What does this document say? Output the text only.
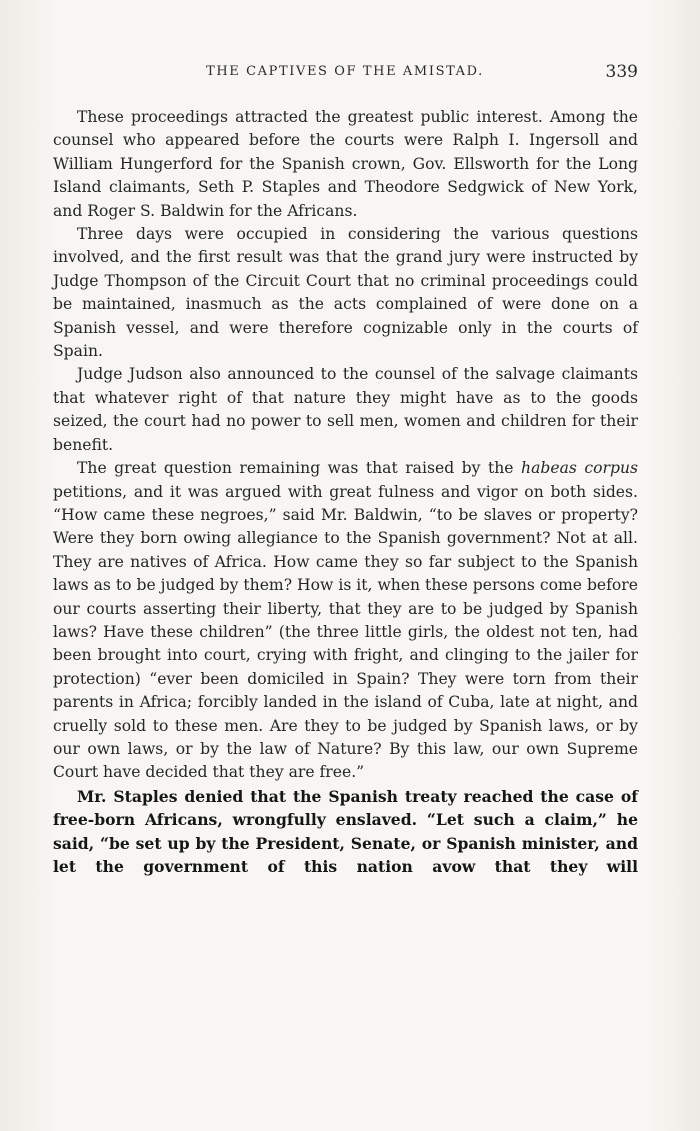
THE CAPTIVES OF THE AMISTAD.	339

These proceedings attracted the greatest public interest. Among the counsel who appeared before the courts were Ralph I. Ingersoll and William Hungerford for the Spanish crown, Gov. Ellsworth for the Long Island claimants, Seth P. Staples and Theodore Sedgwick of New York, and Roger S. Baldwin for the Africans.

Three days were occupied in considering the various questions involved, and the first result was that the grand jury were instructed by Judge Thompson of the Circuit Court that no criminal proceedings could be maintained, inasmuch as the acts complained of were done on a Spanish vessel, and were therefore cognizable only in the courts of Spain.

Judge Judson also announced to the counsel of the salvage claimants that whatever right of that nature they might have as to the goods seized, the court had no power to sell men, women and children for their benefit.

The great question remaining was that raised by the habeas corpus petitions, and it was argued with great fulness and vigor on both sides. “How came these negroes,” said Mr. Baldwin, “to be slaves or property? Were they born owing allegiance to the Spanish government? Not at all. They are natives of Africa. How came they so far subject to the Spanish laws as to be judged by them? How is it, when these persons come before our courts asserting their liberty, that they are to be judged by Spanish laws? Have these children” (the three little girls, the oldest not ten, had been brought into court, crying with fright, and clinging to the jailer for protection) “ever been domiciled in Spain? They were torn from their parents in Africa; forcibly landed in the island of Cuba, late at night, and cruelly sold to these men. Are they to be judged by Spanish laws, or by our own laws, or by the law of Nature? By this law, our own Supreme Court have decided that they are free.”

Mr. Staples denied that the Spanish treaty reached the case of free-born Africans, wrongfully enslaved. “Let such a claim,” he said, “be set up by the President, Senate, or Spanish minister, and let the government of this nation avow that they will
